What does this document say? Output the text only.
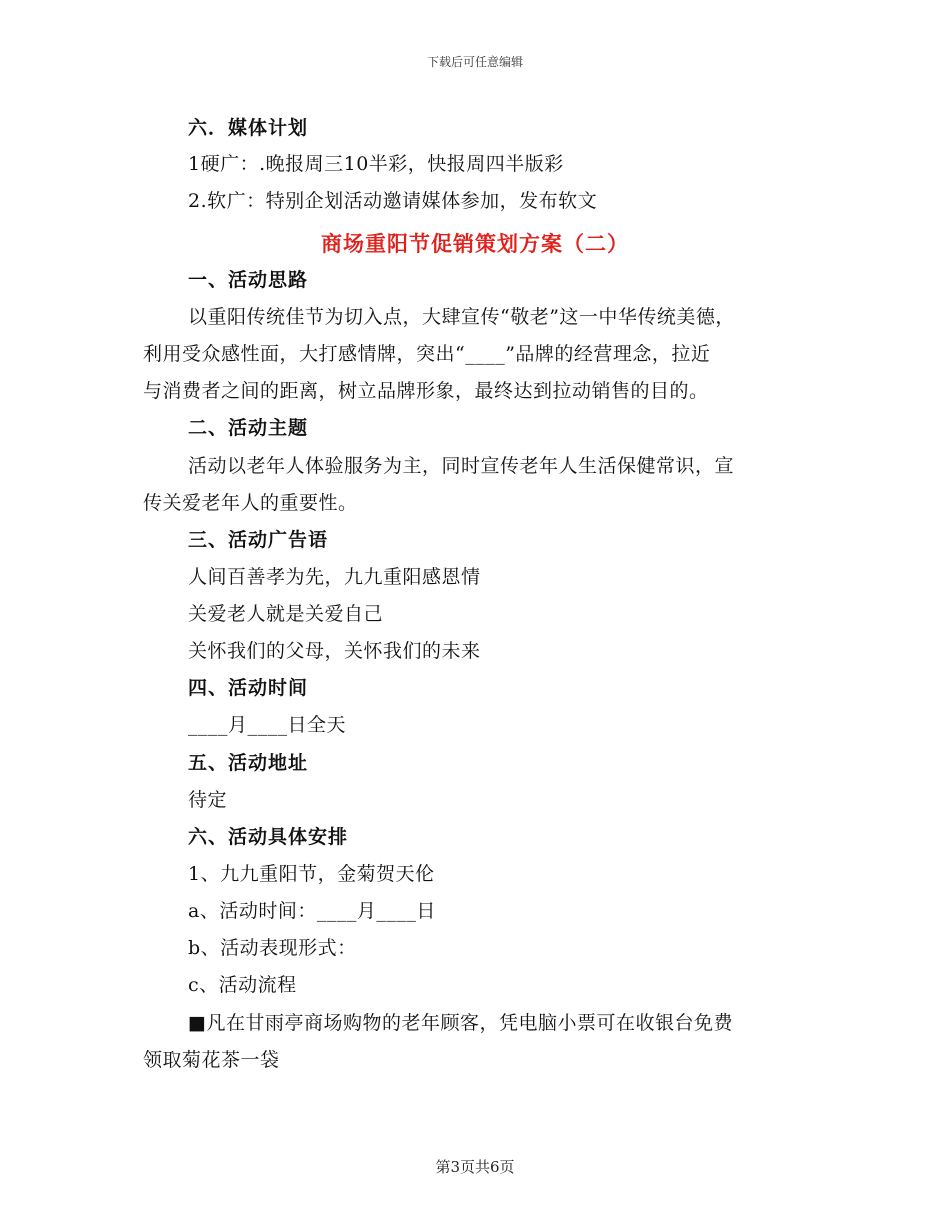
下载后可任意编辑
六．媒体计划
1硬广：.晚报周三10半彩，快报周四半版彩
2.软广：特别企划活动邀请媒体参加，发布软文
商场重阳节促销策划方案（二）
一、活动思路
以重阳传统佳节为切入点，大肆宣传“敬老”这一中华传统美德，
利用受众感性面，大打感情牌，突出“____”品牌的经营理念，拉近
与消费者之间的距离，树立品牌形象，最终达到拉动销售的目的。
二、活动主题
活动以老年人体验服务为主，同时宣传老年人生活保健常识，宣
传关爱老年人的重要性。
三、活动广告语
人间百善孝为先，九九重阳感恩情
关爱老人就是关爱自己
关怀我们的父母，关怀我们的未来
四、活动时间
____月____日全天
五、活动地址
待定
六、活动具体安排
1、九九重阳节，金菊贺天伦
a、活动时间：____月____日
b、活动表现形式：
c、活动流程
■凡在甘雨亭商场购物的老年顾客，凭电脑小票可在收银台免费
领取菊花茶一袋
第3页共6页
